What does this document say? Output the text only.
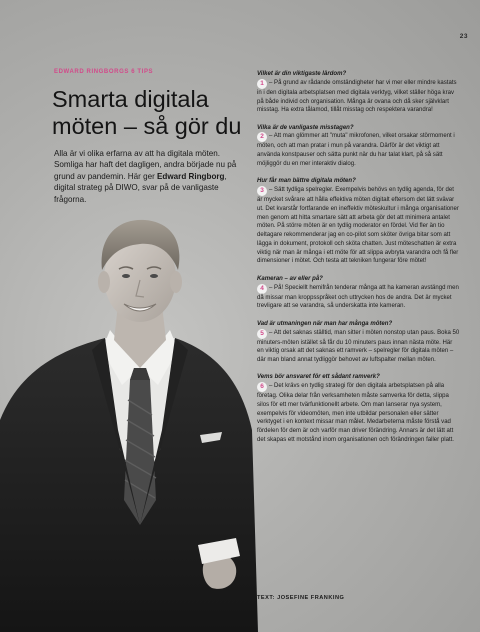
23
EDWARD RINGBORGS 6 TIPS
Smarta digitala
möten – så gör du

Alla är vi olika erfarna av att ha digitala möten. Somliga har haft det dagligen, andra började nu på grund av pandemin. Här ger Edward Ringborg, digital strateg på DIWO, svar på de vanligaste frågorna.

Vilket är din viktigaste lärdom?

1 – På grund av rådande omständigheter har vi mer eller mindre kastats in i den digitala arbetsplatsen med digitala verktyg, vilket ställer höga krav på både individ och organisation. Många är ovana och då sker självklart misstag. Ha extra tålamod, tillåt misstag och respektera varandra!

Vilka är de vanligaste misstagen?

2 – Att man glömmer att "muta" mikrofonen, vilket orsakar störmoment i möten, och att man pratar i mun på varandra. Därför är det viktigt att använda konstpauser och sätta punkt när du har talat klart, på så sätt möjliggör du en mer interaktiv dialog.

Hur får man bättre digitala möten?

3 – Sätt tydliga spelregler. Exempelvis behövs en tydlig agenda, för det är mycket svårare att hålla effektiva möten digitalt eftersom det lätt svävar ut. Det kvarstår fortfarande en ineffektiv möteskultur i många organisationer men genom att hitta smartare sätt att arbeta gör det att minimera antalet möten. På större möten är en tydlig moderator en fördel. Vid fler än tio deltagare rekommenderar jag en co-pilot som sköter övriga bitar som att lägga in dokument, protokoll och sköta chatten. Just möteschatten är extra viktig när man är många i ett möte för att slippa avbryta varandra och få fler dimensioner i mötet. Och testa att tekniken fungerar före mötet!

Kameran – av eller på?

4 – På! Speciellt hemifrån tenderar många att ha kameran avstängd men då missar man kroppsspråket och uttrycken hos de andra. Det är mycket trevligare att se varandra, så underskatta inte kameran.

Vad är utmaningen när man har många möten?

5 – Att det saknas ställtid, man sitter i möten nonstop utan paus. Boka 50 minuters-möten istället så får du 10 minuters paus innan nästa möte. Här en viktig orsak att det saknas ett ramverk – spelregler för digitala möten – där man bland annat tydliggör behovet av luftspalter mellan möten.

Vems bör ansvaret för ett sådant ramverk?

6 – Det krävs en tydlig strategi för den digitala arbetsplatsen på alla företag. Olika delar från verksamheten måste samverka för detta, slippa silos för ett mer tvärfunktionellt arbete. Om man lanserar nya system, exempelvis för videomöten, men inte utbildar personalen eller sätter verktyget i en kontext missar man målet. Medarbeterna måste förstå vad fördelen för dem är och varför man driver förändring. Annars är det lätt att det skapas ett motstånd inom organisationen och förändringen faller platt.

TEXT: JOSEFINE FRANKING
